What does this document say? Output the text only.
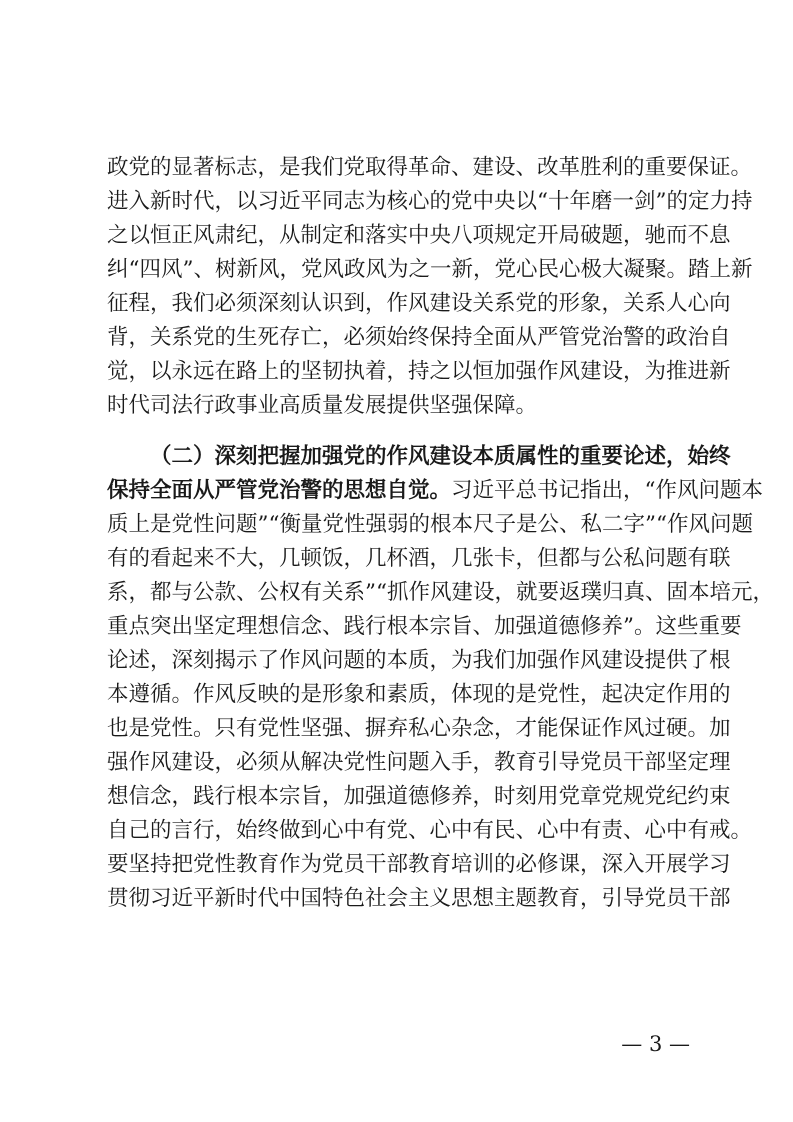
政党的显著标志，是我们党取得革命、建设、改革胜利的重要保证。
进入新时代，以习近平同志为核心的党中央以“十年磨一剑”的定力持
之以恒正风肃纪，从制定和落实中央八项规定开局破题，驰而不息
纠“四风”、树新风，党风政风为之一新，党心民心极大凝聚。踏上新
征程，我们必须深刻认识到，作风建设关系党的形象，关系人心向
背，关系党的生死存亡，必须始终保持全面从严管党治警的政治自
觉，以永远在路上的坚韧执着，持之以恒加强作风建设，为推进新
时代司法行政事业高质量发展提供坚强保障。
（二）深刻把握加强党的作风建设本质属性的重要论述，始终
保持全面从严管党治警的思想自觉。习近平总书记指出，“作风问题本
质上是党性问题”“衡量党性强弱的根本尺子是公、私二字”“作风问题
有的看起来不大，几顿饭，几杯酒，几张卡，但都与公私问题有联
系，都与公款、公权有关系”“抓作风建设，就要返璞归真、固本培元，
重点突出坚定理想信念、践行根本宗旨、加强道德修养”。这些重要
论述，深刻揭示了作风问题的本质，为我们加强作风建设提供了根
本遵循。作风反映的是形象和素质，体现的是党性，起决定作用的
也是党性。只有党性坚强、摒弃私心杂念，才能保证作风过硬。加
强作风建设，必须从解决党性问题入手，教育引导党员干部坚定理
想信念，践行根本宗旨，加强道德修养，时刻用党章党规党纪约束
自己的言行，始终做到心中有党、心中有民、心中有责、心中有戒。
要坚持把党性教育作为党员干部教育培训的必修课，深入开展学习
贯彻习近平新时代中国特色社会主义思想主题教育，引导党员干部
— 3 —
